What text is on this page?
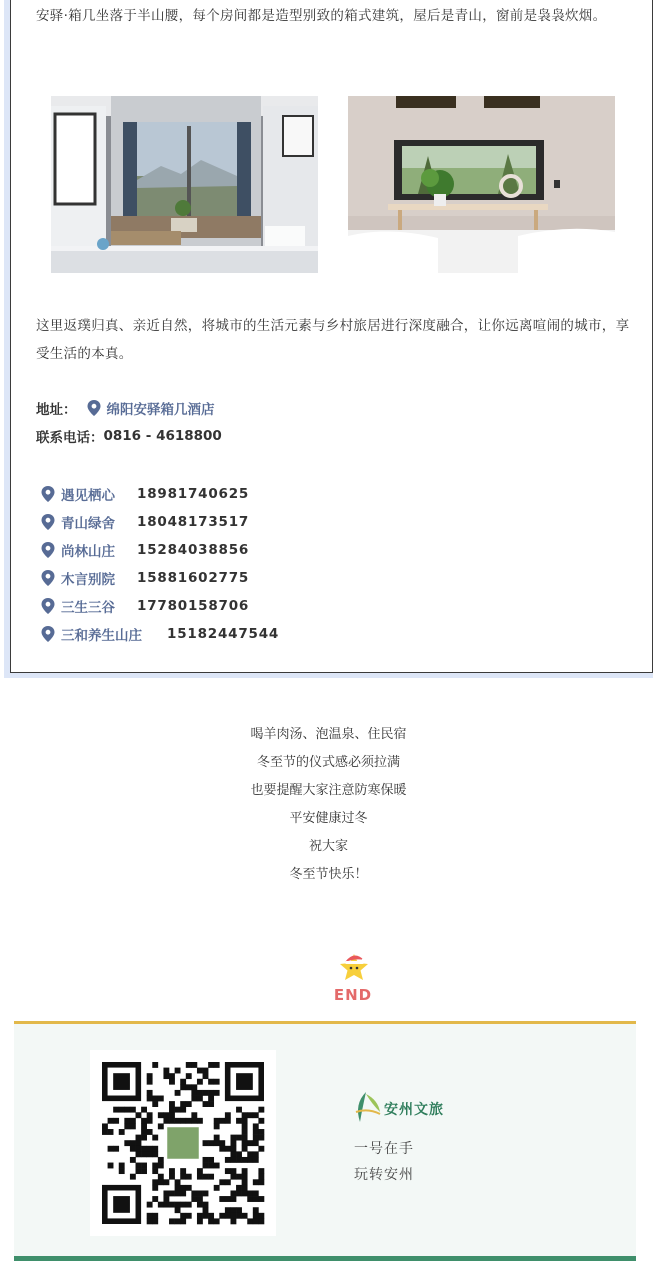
安驿·箱几坐落于半山腰，每个房间都是造型别致的箱式建筑，屋后是青山，窗前是袅袅炊烟。

这里返璞归真、亲近自然，将城市的生活元素与乡村旅居进行深度融合，让你远离喧闹的城市，享受生活的本真。

地址： 绵阳安驿箱几酒店
联系电话： 0816 - 4618800
遇见栖心	18981740625
青山绿舍	18048173517
尚林山庄	15284038856
木言别院	15881602775
三生三谷	17780158706
三和养生山庄	15182447544
喝羊肉汤、泡温泉、住民宿
冬至节的仪式感必须拉满
也要提醒大家注意防寒保暖
平安健康过冬
祝大家
冬至节快乐！
END
安州文旅
一号在手
玩转安州
